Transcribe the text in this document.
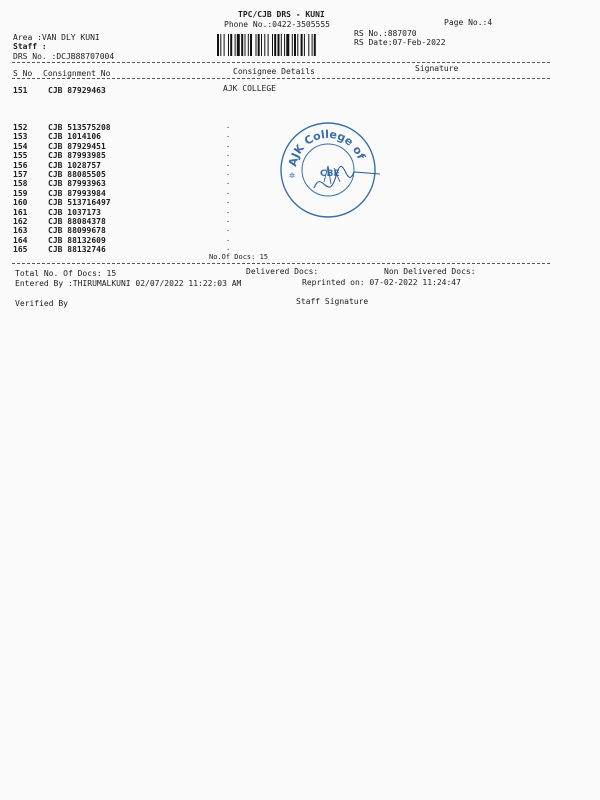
TPC/CJB DRS - KUNI
Phone No.:0422-3505555	Page No.:4
Area :VAN DLY KUNI
Staff :
DRS No. :DCJB88707004
RS No.:887070
RS Date:07-Feb-2022
S No Consignment No	Consignee Details	Signature
151	CJB 87929463	AJK COLLEGE
152	CJB 513575208	·
153	CJB 1014106	·
154	CJB 87929451	·
155	CJB 87993985	·
156	CJB 1028757	·
157	CJB 88085505	·
158	CJB 87993963	·
159	CJB 87993984	·
160	CJB 513716497	·
161	CJB 1037173	·
162	CJB 88084378	·
163	CJB 88099678	·
164	CJB 88132609	·
165	CJB 88132746	·
No.Of Docs: 15
Total No. Of Docs: 15	Delivered Docs:	Non Delivered Docs:
Entered By :THIRUMALKUNI 02/07/2022 11:22:03 AM	Reprinted on: 07-02-2022 11:24:47
Verified By	Staff Signature
AJK College of
CBE
✲
